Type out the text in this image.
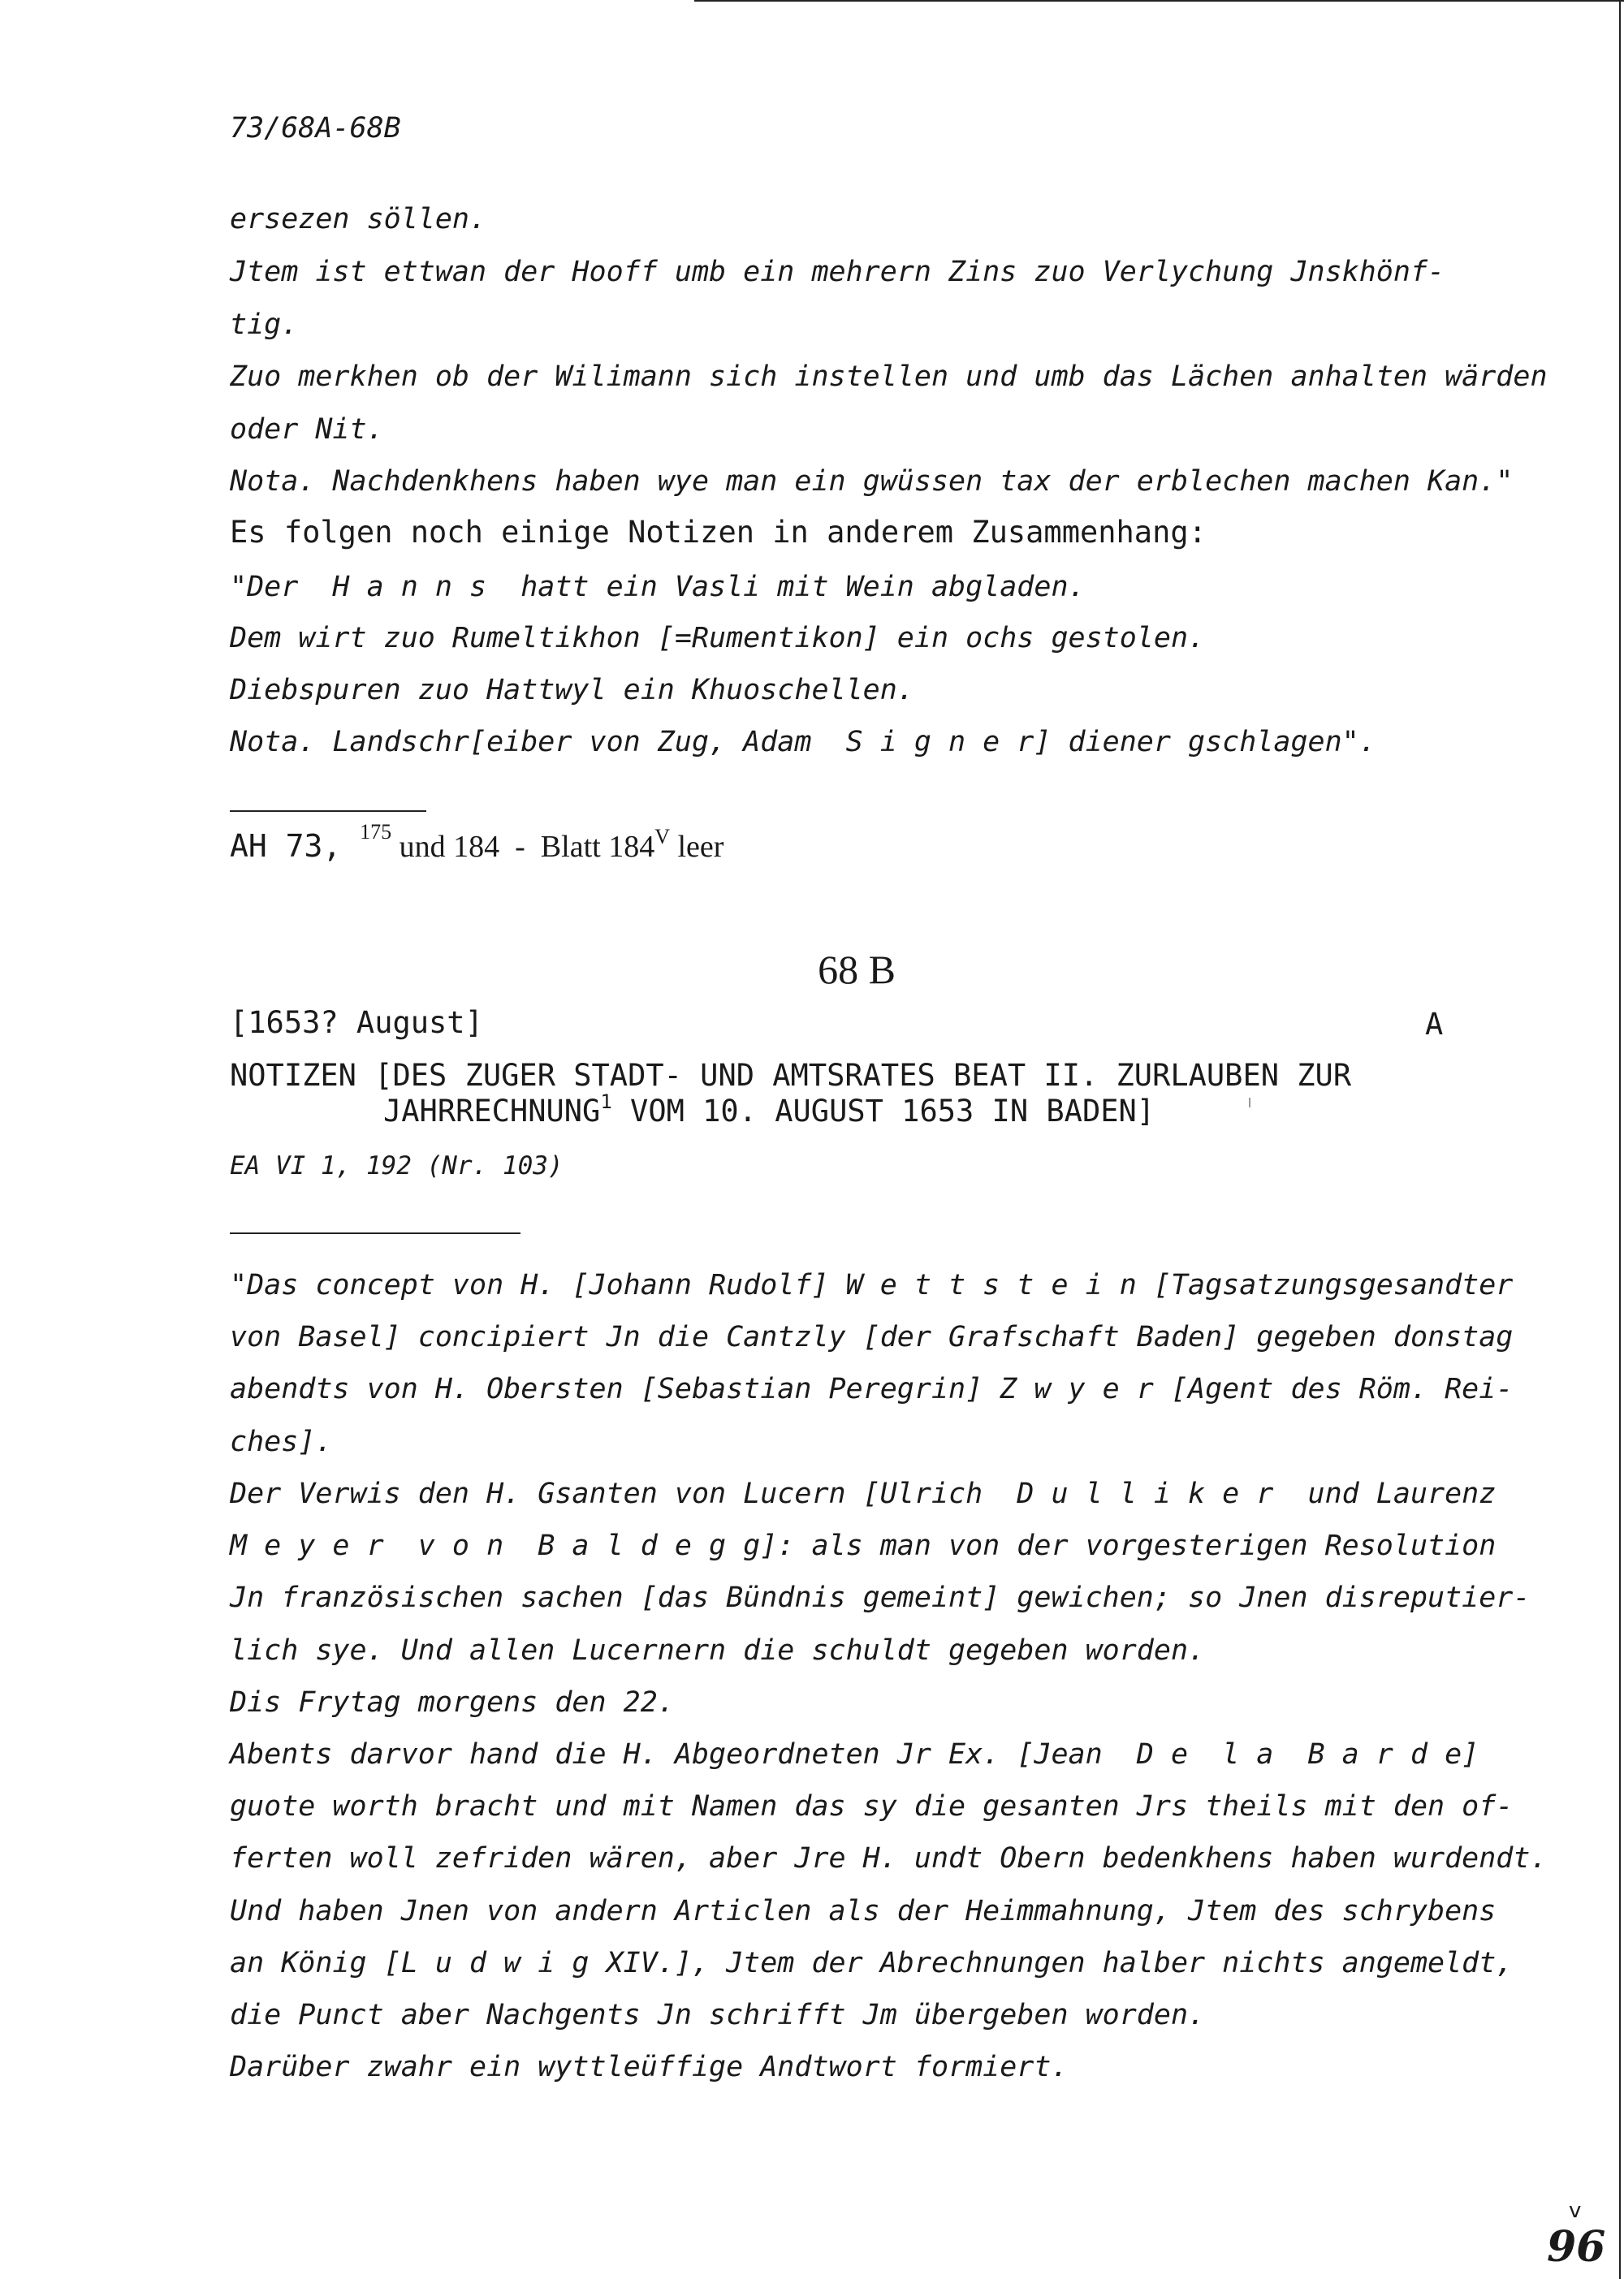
73/68A-68B
ersezen söllen.
Jtem ist ettwan der Hooff umb ein mehrern Zins zuo Verlychung Jnskhönf-
tig.
Zuo merkhen ob der Wilimann sich instellen und umb das Lächen anhalten wärden
oder Nit.
Nota. Nachdenkhens haben wye man ein gwüssen tax der erblechen machen Kan."
Es folgen noch einige Notizen in anderem Zusammenhang:
"Der  H a n n s  hatt ein Vasli mit Wein abgladen.
Dem wirt zuo Rumeltikhon [=Rumentikon] ein ochs gestolen.
Diebspuren zuo Hattwyl ein Khuoschellen.
Nota. Landschr[eiber von Zug, Adam  S i g n e r] diener gschlagen".
AH 73, $^{175}$ und 184  -  Blatt $184^V$ leer
68 B
[1653? August]	A
NOTIZEN [DES ZUGER STADT- UND AMTSRATES BEAT II. ZURLAUBEN ZUR
JAHRRECHNUNG$^1$ VOM 10. AUGUST 1653 IN BADEN]
EA VI 1, 192 (Nr. 103)
"Das concept von H. [Johann Rudolf] W e t t s t e i n [Tagsatzungsgesandter
von Basel] concipiert Jn die Cantzly [der Grafschaft Baden] gegeben donstag
abendts von H. Obersten [Sebastian Peregrin] Z w y e r [Agent des Röm. Rei-
ches].
Der Verwis den H. Gsanten von Lucern [Ulrich  D u l l i k e r  und Laurenz
M e y e r  v o n  B a l d e g g]: als man von der vorgesterigen Resolution
Jn französischen sachen [das Bündnis gemeint] gewichen; so Jnen disreputier-
lich sye. Und allen Lucernern die schuldt gegeben worden.
Dis Frytag morgens den 22.
Abents darvor hand die H. Abgeordneten Jr Ex. [Jean  D e  l a  B a r d e]
guote worth bracht und mit Namen das sy die gesanten Jrs theils mit den of-
ferten woll zefriden wären, aber Jre H. undt Obern bedenkhens haben wurdendt.
Und haben Jnen von andern Articlen als der Heimmahnung, Jtem des schrybens
an König [L u d w i g XIV.], Jtem der Abrechnungen halber nichts angemeldt,
die Punct aber Nachgents Jn schrifft Jm übergeben worden.
Darüber zwahr ein wyttleüffige Andtwort formiert.
v
96
